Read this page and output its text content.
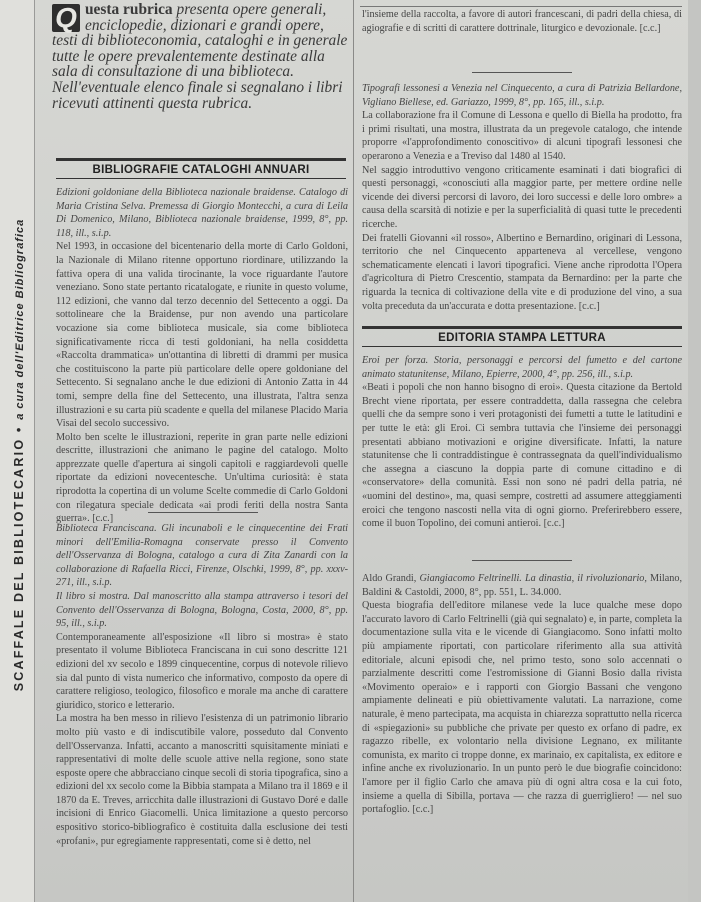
SCAFFALE DEL BIBLIOTECARIO • a cura dell'Editrice Bibliografica
Q uesta rubrica presenta opere generali, enciclopedie, dizionari e grandi opere, testi di biblioteconomia, cataloghi e in generale tutte le opere prevalentemente destinate alla sala di consultazione di una biblioteca. Nell'eventuale elenco finale si segnalano i libri ricevuti attinenti questa rubrica.
BIBLIOGRAFIE CATALOGHI ANNUARI

Edizioni goldoniane della Biblioteca nazionale braidense. Catalogo di Maria Cristina Selva. Premessa di Giorgio Montecchi, a cura di Leila Di Domenico, Milano, Biblioteca nazionale braidense, 1999, 8°, pp. 118, ill., s.i.p.

Nel 1993, in occasione del bicentenario della morte di Carlo Goldoni, la Nazionale di Milano ritenne opportuno riordinare, utilizzando la fattiva opera di una valida tirocinante, la voce riguardante l'autore veneziano. Sono state pertanto ricatalogate, e riunite in questo volume, 112 edizioni, che vanno dal terzo decennio del Settecento a oggi. Da sottolineare che la Braidense, pur non avendo una particolare vocazione sia come biblioteca musicale, sia come biblioteca significativamente ricca di testi goldoniani, ha nella cosiddetta «Raccolta drammatica» un'ottantina di libretti di drammi per musica che costituiscono la parte più particolare delle opere goldoniane del Settecento. Si segnalano anche le due edizioni di Antonio Zatta in 44 tomi, sempre della fine del Settecento, una illustrata, l'altra senza illustrazioni e su carta più scadente e quella del milanese Placido Maria Visai del secolo successivo.

Molto ben scelte le illustrazioni, reperite in gran parte nelle edizioni descritte, illustrazioni che animano le pagine del catalogo. Molto apprezzate quelle d'apertura ai singoli capitoli e raggiardevoli quelle riportate da edizioni novecentesche. Un'ultima curiosità: è stata riprodotta la copertina di un volume Scelte commedie di Carlo Goldoni con rilegatura speciale dedicata «ai prodi feriti della nostra Santa guerra». [c.c.]

Biblioteca Franciscana. Gli incunaboli e le cinquecentine dei Frati minori dell'Emilia-Romagna conservate presso il Convento dell'Osservanza di Bologna, catalogo a cura di Zita Zanardi con la collaborazione di Rafaella Ricci, Firenze, Olschki, 1999, 8°, pp. xxxv-271, ill., s.i.p.

Il libro si mostra. Dal manoscritto alla stampa attraverso i tesori del Convento dell'Osservanza di Bologna, Bologna, Costa, 2000, 8°, pp. 95, ill., s.i.p.

Contemporaneamente all'esposizione «Il libro si mostra» è stato presentato il volume Biblioteca Franciscana in cui sono descritte 121 edizioni del xv secolo e 1899 cinquecentine, corpus di notevole rilievo sia dal punto di vista numerico che informativo, composto da opere di carattere religioso, teologico, filosofico e morale ma anche di carattere giuridico, storico e letterario.

La mostra ha ben messo in rilievo l'esistenza di un patrimonio librario molto più vasto e di indiscutibile valore, posseduto dal Convento dell'Osservanza. Infatti, accanto a manoscritti squisitamente miniati e rappresentativi di molte delle scuole attive nella regione, sono state esposte opere che abbracciano cinque secoli di storia tipografica, sino a edizioni del xx secolo come la Bibbia stampata a Milano tra il 1869 e il 1870 da E. Treves, arricchita dalle illustrazioni di Gustavo Doré e dalle incisioni di Enrico Giacomelli. Unica limitazione a questo percorso espositivo storico-bibliografico è costituita dalla esclusione dei testi «profani», pur egregiamente rappresentati, come si è detto, nel

l'insieme della raccolta, a favore di autori francescani, di padri della chiesa, di agiografie e di scritti di carattere dottrinale, liturgico e devozionale. [c.c.]

Tipografi lessonesi a Venezia nel Cinquecento, a cura di Patrizia Bellardone, Vigliano Biellese, ed. Gariazzo, 1999, 8°, pp. 165, ill., s.i.p.

La collaborazione fra il Comune di Lessona e quello di Biella ha prodotto, fra i primi risultati, una mostra, illustrata da un pregevole catalogo, che intende proporre «l'approfondimento conoscitivo» di alcuni tipografi lessonesi che operarono a Venezia e a Treviso dal 1480 al 1540.

Nel saggio introduttivo vengono criticamente esaminati i dati biografici di questi personaggi, «conosciuti alla maggior parte, per mettere ordine nelle vicende dei diversi percorsi di lavoro, dei loro successi e delle loro ombre» a causa della scarsità di notizie e per la superficialità di quasi tutte le precedenti ricerche.

Dei fratelli Giovanni «il rosso», Albertino e Bernardino, originari di Lessona, territorio che nel Cinquecento apparteneva al vercellese, vengono schematicamente elencati i lavori tipografici. Viene anche riprodotta l'Opera d'agricoltura di Pietro Crescentio, stampata da Bernardino: per la parte che riguarda la tecnica di coltivazione della vite e di produzione del vino, a sua volta preceduta da un'accurata e dotta presentazione. [c.c.]

EDITORIA STAMPA LETTURA

Eroi per forza. Storia, personaggi e percorsi del fumetto e del cartone animato statunitense, Milano, Epierre, 2000, 4°, pp. 256, ill., s.i.p.

«Beati i popoli che non hanno bisogno di eroi». Questa citazione da Bertold Brecht viene riportata, per essere contraddetta, dalla rassegna che celebra quelli che da sempre sono i veri protagonisti dei fumetti a tutte le latitudini e per tutte le età: gli Eroi. Ci sembra tuttavia che l'insieme dei personaggi presentati abbiano motivazioni e origine diversificate. Infatti, la nature statunitense che li contraddistingue è contrassegnata da quell'individualismo che assegna a ciascuno la doppia parte di comune cittadino e di «conservatore» della comunità. Essi non sono né padri della patria, né «uomini del destino», ma, quasi sempre, costretti ad assumere atteggiamenti eroici che tengono nascosti nella vita di ogni giorno. Preferirebbero essere, come il buon Topolino, dei comuni antieroi. [c.c.]

Aldo Grandi, Giangiacomo Feltrinelli. La dinastia, il rivoluzionario, Milano, Baldini & Castoldi, 2000, 8°, pp. 551, L. 34.000.

Questa biografia dell'editore milanese vede la luce qualche mese dopo l'accurato lavoro di Carlo Feltrinelli (già qui segnalato) e, in parte, completa la documentazione sulla vita e le vicende di Giangiacomo. Sono infatti molto più ampiamente riportati, con particolare riferimento alla sua attività editoriale, alcuni episodi che, nel primo testo, sono solo accennati o parzialmente descritti come l'estromissione di Gianni Bosio dalla rivista «Movimento operaio» e i rapporti con Giorgio Bassani che vengono ampiamente delineati e più obiettivamente valutati. La narrazione, come naturale, è meno partecipata, ma acquista in chiarezza soprattutto nella ricerca di «spiegazioni» su pubbliche che private per questo ex orfano di padre, ex ragazzo ribelle, ex volontario nella divisione Legnano, ex militante comunista, ex marito ci troppe donne, ex marinaio, ex capitalista, ex editore e infine anche ex rivoluzionario. In un punto però le due biografie coincidono: l'amore per il figlio Carlo che amava più di ogni altra cosa e la cui foto, insieme a quella di Sibilla, portava — che razza di guerrigliero! — nel suo portafoglio. [c.c.]
